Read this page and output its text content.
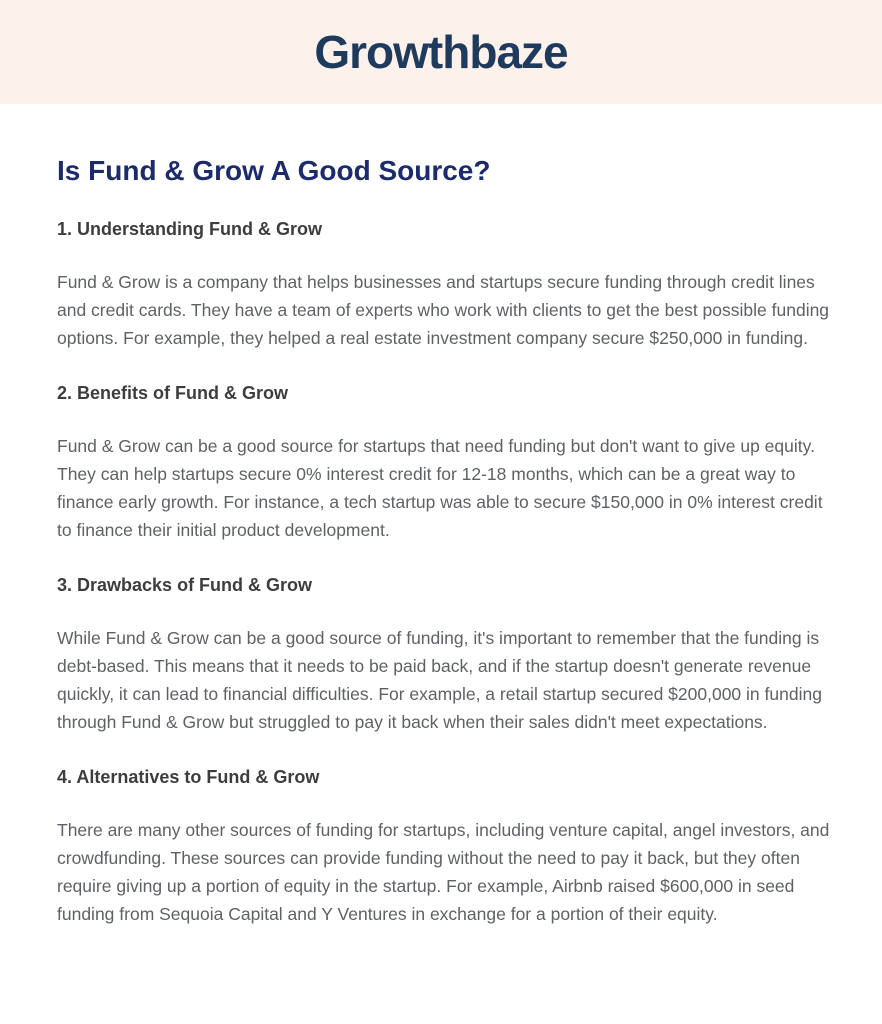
Growthbaze
Is Fund & Grow A Good Source?
1. Understanding Fund & Grow

Fund & Grow is a company that helps businesses and startups secure funding through credit lines and credit cards. They have a team of experts who work with clients to get the best possible funding options. For example, they helped a real estate investment company secure $250,000 in funding.

2. Benefits of Fund & Grow

Fund & Grow can be a good source for startups that need funding but don't want to give up equity. They can help startups secure 0% interest credit for 12-18 months, which can be a great way to finance early growth. For instance, a tech startup was able to secure $150,000 in 0% interest credit to finance their initial product development.

3. Drawbacks of Fund & Grow

While Fund & Grow can be a good source of funding, it's important to remember that the funding is debt-based. This means that it needs to be paid back, and if the startup doesn't generate revenue quickly, it can lead to financial difficulties. For example, a retail startup secured $200,000 in funding through Fund & Grow but struggled to pay it back when their sales didn't meet expectations.

4. Alternatives to Fund & Grow

There are many other sources of funding for startups, including venture capital, angel investors, and crowdfunding. These sources can provide funding without the need to pay it back, but they often require giving up a portion of equity in the startup. For example, Airbnb raised $600,000 in seed funding from Sequoia Capital and Y Ventures in exchange for a portion of their equity.
